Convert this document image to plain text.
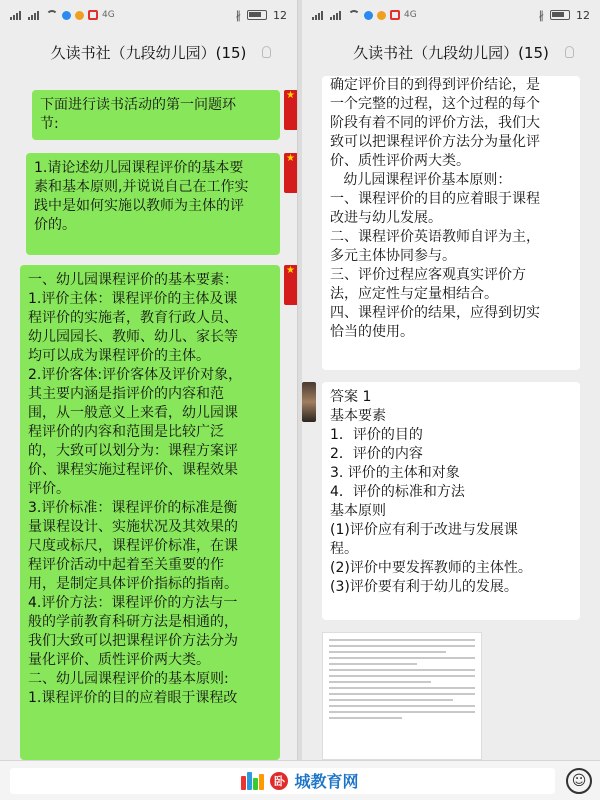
4G	∦	12
久读书社（九段幼儿园）(15)
下面进行读书活动的第一问题环
节:
★
1.请论述幼儿园课程评价的基本要
素和基本原则,并说说自己在工作实
践中是如何实施以教师为主体的评
价的。
★
一、幼儿园课程评价的基本要素：
1.评价主体：课程评价的主体及课
程评价的实施者，教育行政人员、
幼儿园园长、教师、幼儿、家长等
均可以成为课程评价的主体。
2.评价客体:评价客体及评价对象，
其主要内涵是指评价的内容和范
围，从一般意义上来看，幼儿园课
程评价的内容和范围是比较广泛
的，大致可以划分为：课程方案评
价、课程实施过程评价、课程效果
评价。
3.评价标准：课程评价的标准是衡
量课程设计、实施状况及其效果的
尺度或标尺，课程评价标准，在课
程评价活动中起着至关重要的作
用，是制定具体评价指标的指南。
4.评价方法：课程评价的方法与一
般的学前教育科研方法是相通的，
我们大致可以把课程评价方法分为
量化评价、质性评价两大类。
二、幼儿园课程评价的基本原则:
1.课程评价的目的应着眼于课程改
★
4G	∦	12
久读书社（九段幼儿园）(15)
确定评价目的到得到评价结论，是
一个完整的过程，这个过程的每个
阶段有着不同的评价方法，我们大
致可以把课程评价方法分为量化评
价、质性评价两大类。
幼儿园课程评价基本原则：
一、课程评价的目的应着眼于课程
改进与幼儿发展。
二、课程评价英语教师自评为主，
多元主体协同参与。
三、评价过程应客观真实评价方
法，应定性与定量相结合。
四、课程评价的结果，应得到切实
恰当的使用。
答案 1
基本要素
1．评价的目的
2．评价的内容
3. 评价的主体和对象
4．评价的标准和方法
基本原则
(1)评价应有利于改进与发展课
程。
(2)评价中要发挥教师的主体性。
(3)评价要有利于幼儿的发展。
卧 城教育网	☺
